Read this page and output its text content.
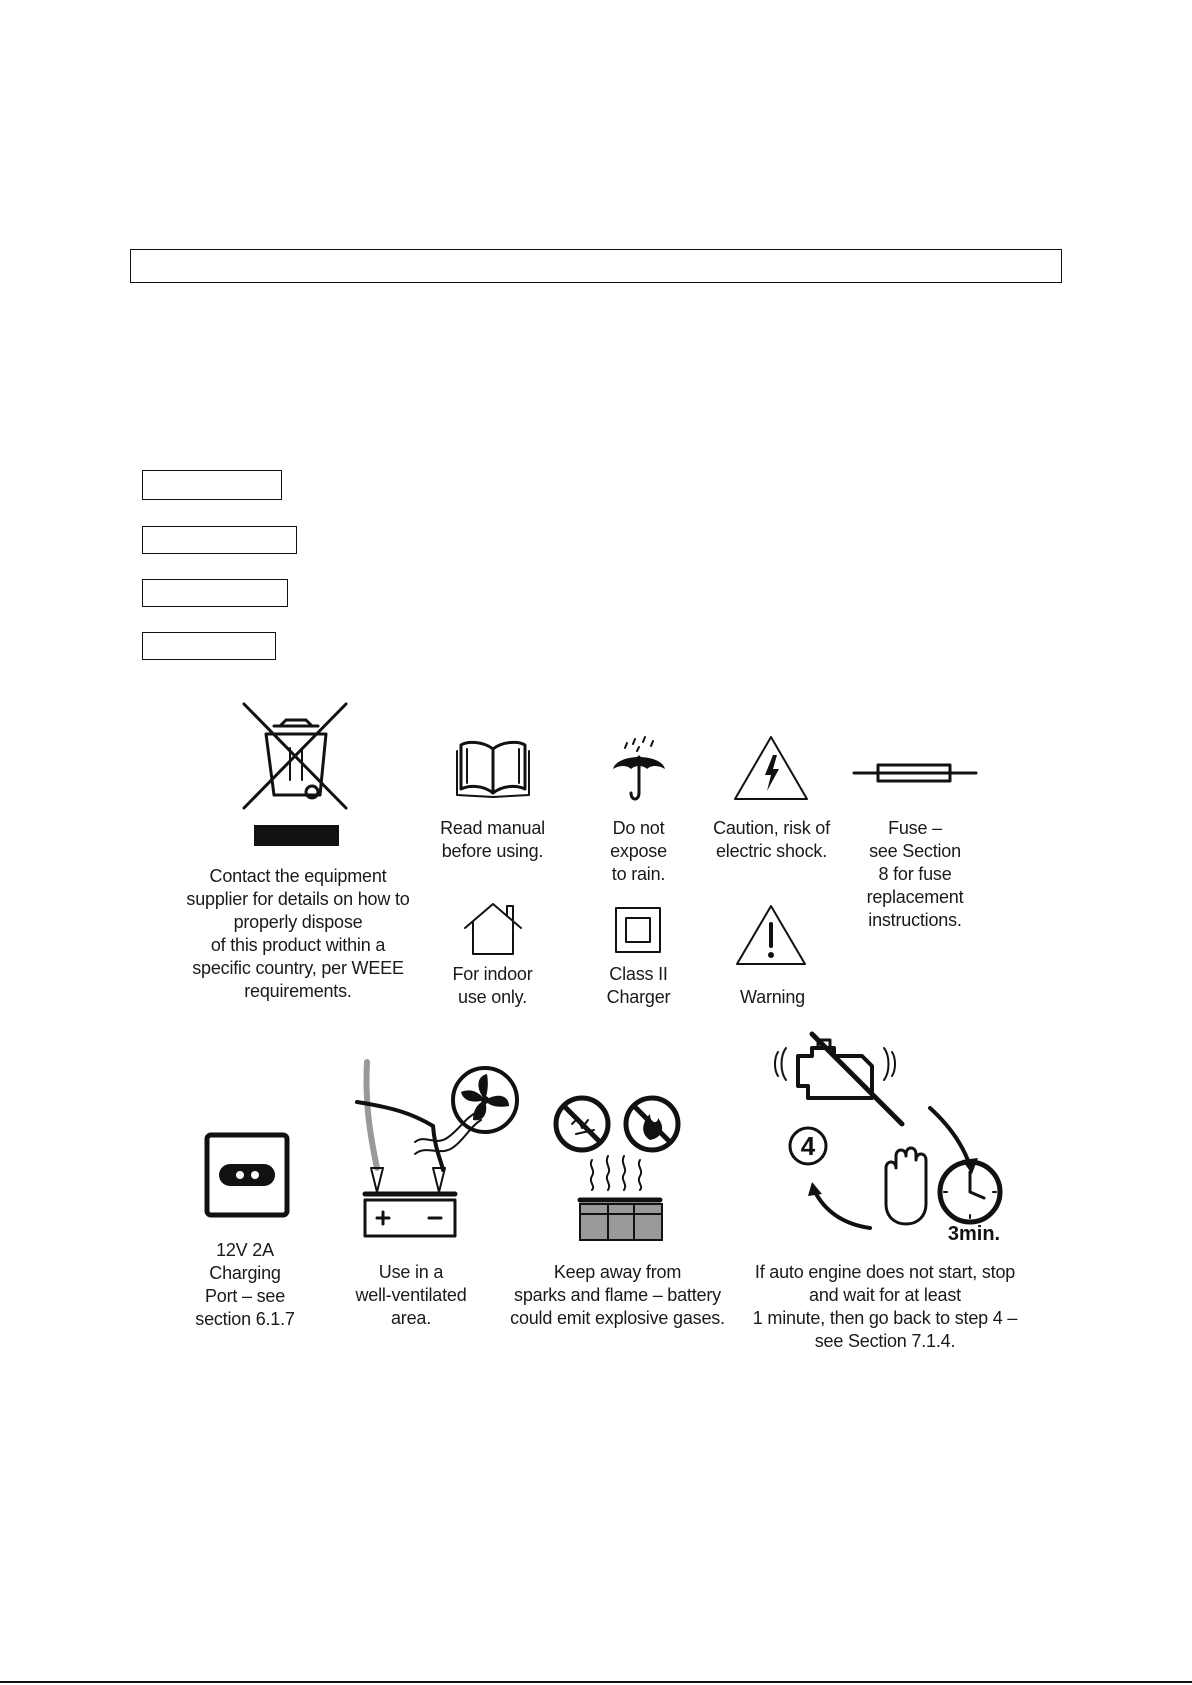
Contact the equipment
supplier for details on how to
properly dispose
of this product within a
specific country, per WEEE
requirements.
Read manual
before using.
Do not
expose
to rain.
Caution, risk of
electric shock.
Fuse –
see Section
8 for fuse
replacement
instructions.
For indoor
use only.
Class II
Charger	Warning
12V 2A
Charging
Port – see
section 6.1.7
Use in a
well-ventilated
area.
Keep away from
sparks and flame – battery
could emit explosive gases.
4
3min.
If auto engine does not start, stop
and wait for at least
1 minute, then go back to step 4 –
see Section 7.1.4.
